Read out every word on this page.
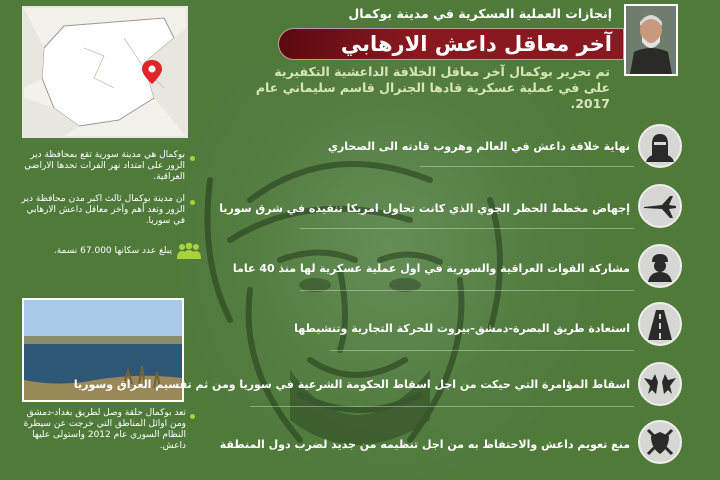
إنجازات العملية العسكرية في مدينة بوكمال
آخر معاقل داعش الارهابي
تم تحرير بوكمال آخر معاقل الخلافة الداعشية التكفيرية على في عملية عسكرية قادها الجنرال قاسم سليماني عام 2017.
بوكمال هي مدينة سورية تقع بمحافظة دير الزور على امتداد نهر الفرات تحدها الاراضي العراقية.
ان مدينة بوكمال ثالث اكبر مدن محافظة دير الزور وتعد أهم وآخر معاقل داعش الارهابي في سوريا.
يبلغ عدد سكانها 67.000 نسمة.
تعد بوكمال حلقة وصل لطريق بغداد-دمشق ومن اوائل المناطق التي خرجت عن سيطرة النظام السوري عام 2012 واستولى عليها داعش.
نهاية خلافة داعش في العالم وهروب قادته الى الصحاري
إجهاض مخطط الحظر الجوي الذي كانت تحاول امريكا تنفيذه في شرق سوريا
مشاركة القوات العراقية والسورية في اول عملية عسكرية لها منذ 40 عاما
استعادة طريق البصرة-دمشق-بيروت للحركة التجارية وتنشيطها
اسقاط المؤامرة التي حيكت من اجل اسقاط الحكومة الشرعية في سوريا ومن ثم تقسيم العراق وسوريا
منع تعويم داعش والاحتفاظ به من اجل تنظيمه من جديد لضرب دول المنطقة
